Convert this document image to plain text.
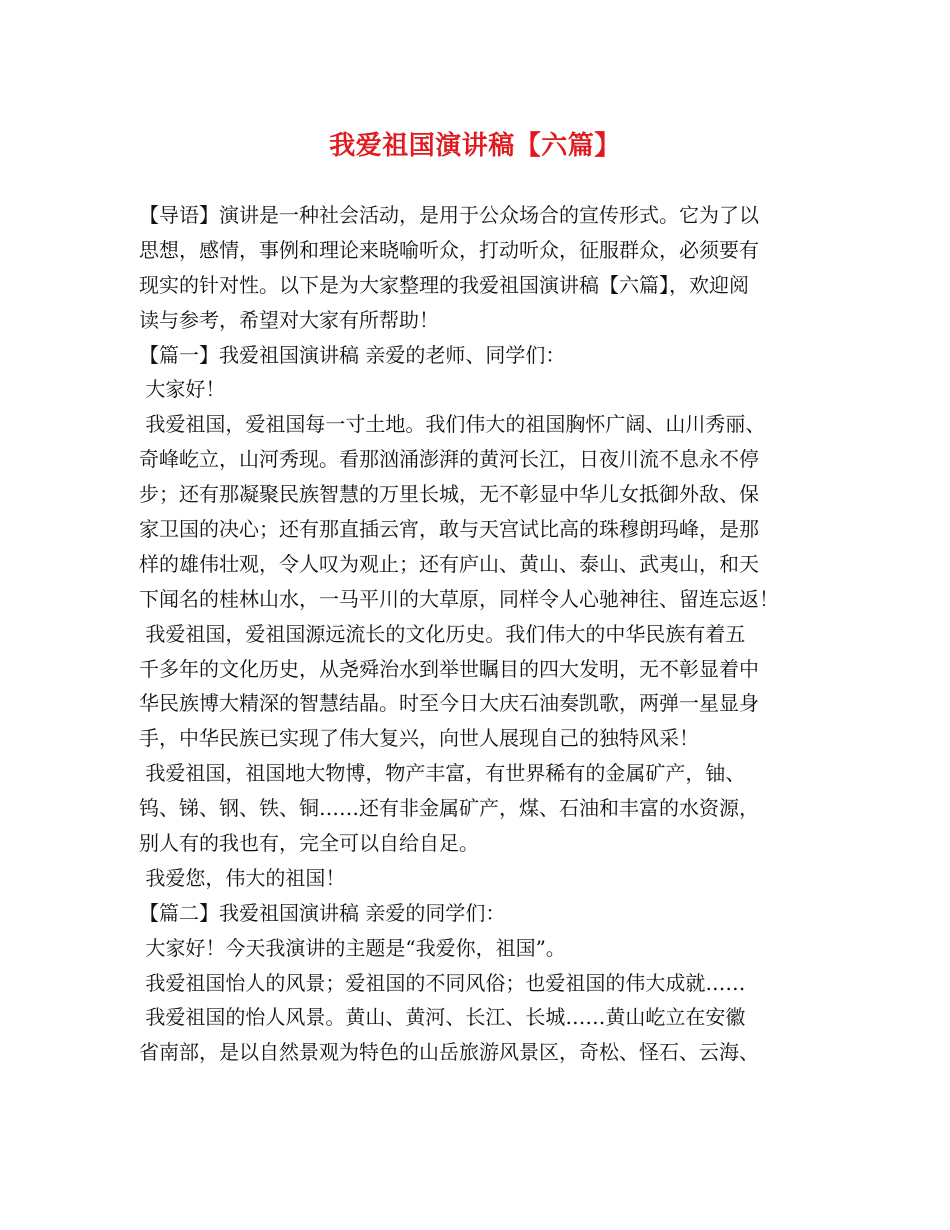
我爱祖国演讲稿【六篇】
【导语】演讲是一种社会活动，是用于公众场合的宣传形式。它为了以
思想，感情，事例和理论来晓喻听众，打动听众，征服群众，必须要有
现实的针对性。以下是为大家整理的我爱祖国演讲稿【六篇】，欢迎阅
读与参考，希望对大家有所帮助！
【篇一】我爱祖国演讲稿 亲爱的老师、同学们：
大家好！
我爱祖国，爱祖国每一寸土地。我们伟大的祖国胸怀广阔、山川秀丽、
奇峰屹立，山河秀现。看那汹涌澎湃的黄河长江，日夜川流不息永不停
步；还有那凝聚民族智慧的万里长城，无不彰显中华儿女抵御外敌、保
家卫国的决心；还有那直插云宵，敢与天宫试比高的珠穆朗玛峰，是那
样的雄伟壮观，令人叹为观止；还有庐山、黄山、泰山、武夷山，和天
下闻名的桂林山水，一马平川的大草原，同样令人心驰神往、留连忘返！
我爱祖国，爱祖国源远流长的文化历史。我们伟大的中华民族有着五
千多年的文化历史，从尧舜治水到举世瞩目的四大发明，无不彰显着中
华民族博大精深的智慧结晶。时至今日大庆石油奏凯歌，两弹一星显身
手，中华民族已实现了伟大复兴，向世人展现自己的独特风采！
我爱祖国，祖国地大物博，物产丰富，有世界稀有的金属矿产，铀、
钨、锑、钢、铁、铜……还有非金属矿产，煤、石油和丰富的水资源，
别人有的我也有，完全可以自给自足。
我爱您，伟大的祖国！
【篇二】我爱祖国演讲稿 亲爱的同学们：
大家好！今天我演讲的主题是“我爱你，祖国”。
我爱祖国怡人的风景；爱祖国的不同风俗；也爱祖国的伟大成就……
我爱祖国的怡人风景。黄山、黄河、长江、长城……黄山屹立在安徽
省南部，是以自然景观为特色的山岳旅游风景区，奇松、怪石、云海、
